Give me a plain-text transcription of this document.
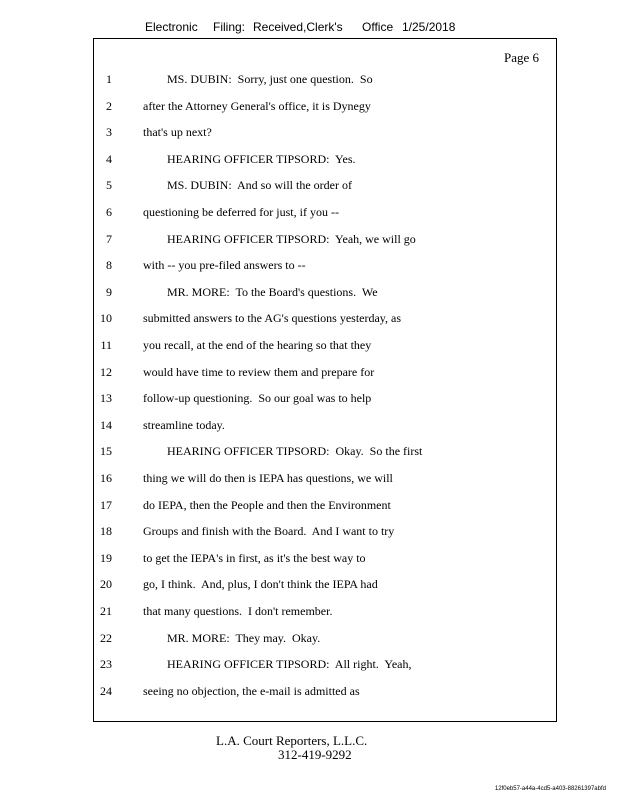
Electronic

Filing:

Received,Clerk's

Office

1/25/2018

Page 6
1	MS. DUBIN:  Sorry, just one question.  So
2	after the Attorney General's office, it is Dynegy
3	that's up next?
4	HEARING OFFICER TIPSORD:  Yes.
5	MS. DUBIN:  And so will the order of
6	questioning be deferred for just, if you --
7	HEARING OFFICER TIPSORD:  Yeah, we will go
8	with -- you pre-filed answers to --
9	MR. MORE:  To the Board's questions.  We
10	submitted answers to the AG's questions yesterday, as
11	you recall, at the end of the hearing so that they
12	would have time to review them and prepare for
13	follow-up questioning.  So our goal was to help
14	streamline today.
15	HEARING OFFICER TIPSORD:  Okay.  So the first
16	thing we will do then is IEPA has questions, we will
17	do IEPA, then the People and then the Environment
18	Groups and finish with the Board.  And I want to try
19	to get the IEPA's in first, as it's the best way to
20	go, I think.  And, plus, I don't think the IEPA had
21	that many questions.  I don't remember.
22	MR. MORE:  They may.  Okay.
23	HEARING OFFICER TIPSORD:  All right.  Yeah,
24	seeing no objection, the e-mail is admitted as
L.A. Court Reporters, L.L.C.
312-419-9292
12f0eb57-a44a-4cd5-a403-88261397abfd
